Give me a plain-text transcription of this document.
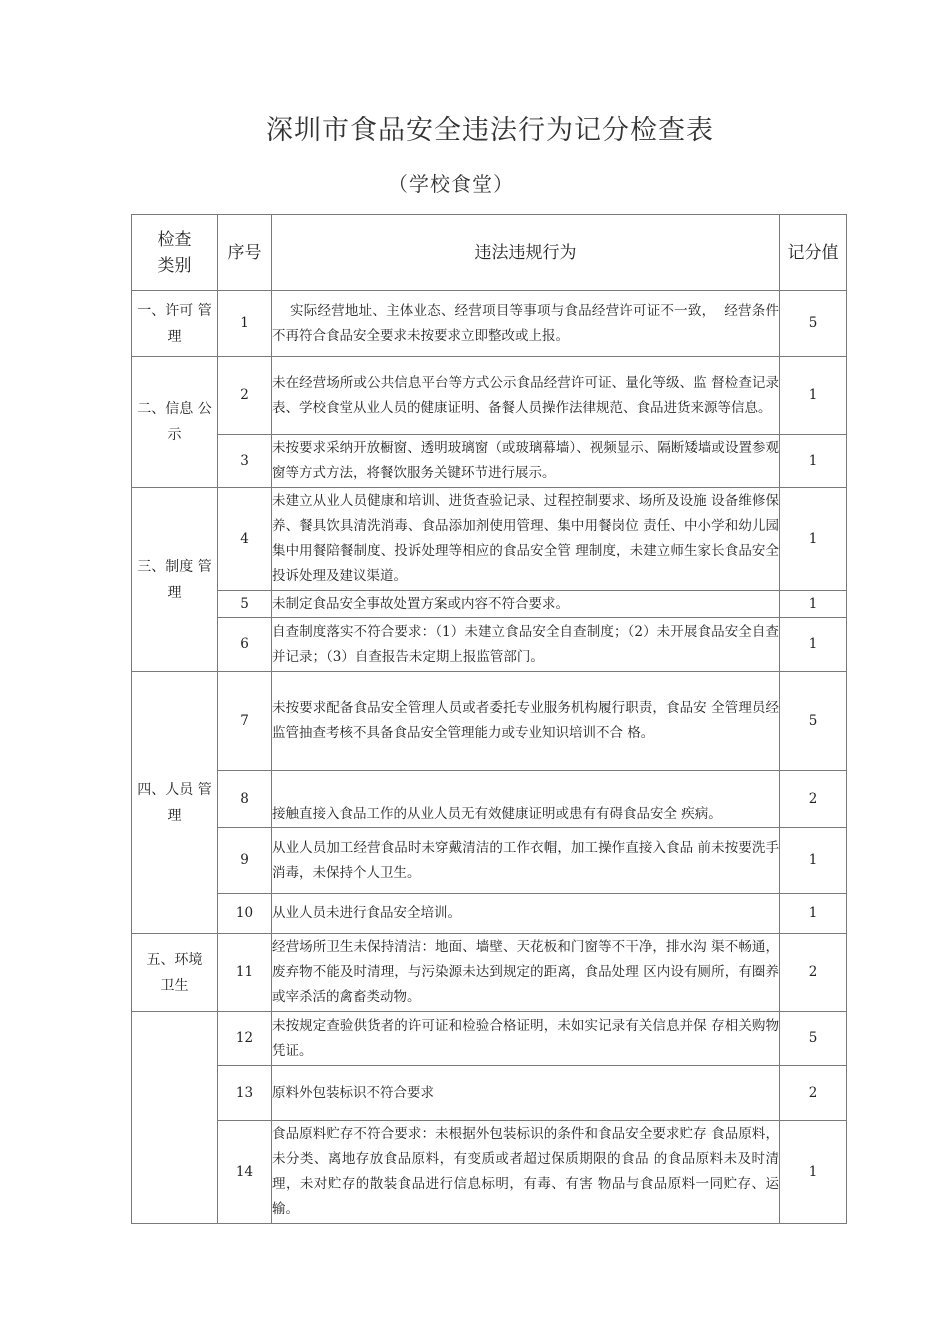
深圳市食品安全违法行为记分检查表
（学校食堂）
检查
类别	序号	违法违规行为	记分值
一、许可 管
理	1	实际经营地址、主体业态、经营项目等事项与食品经营许可证不一致，  经营条件不再符合食品安全要求未按要求立即整改或上报。	5
二、信息 公
示	2	未在经营场所或公共信息平台等方式公示食品经营许可证、量化等级、监 督检查记录表、学校食堂从业人员的健康证明、备餐人员操作法律规范、食品进货来源等信息。	1
	3	未按要求采纳开放橱窗、透明玻璃窗（或玻璃幕墙）、视频显示、隔断矮墙或设置参观窗等方式方法，将餐饮服务关键环节进行展示。	1
三、制度 管
理	4	未建立从业人员健康和培训、进货查验记录、过程控制要求、场所及设施 设备维修保养、餐具饮具清洗消毒、食品添加剂使用管理、集中用餐岗位 责任、中小学和幼儿园集中用餐陪餐制度、投诉处理等相应的食品安全管 理制度，未建立师生家长食品安全投诉处理及建议渠道。	1
	5	未制定食品安全事故处置方案或内容不符合要求。	1
	6	自查制度落实不符合要求：（1）未建立食品安全自查制度；（2）未开展食品安全自查并记录；（3）自查报告未定期上报监管部门。	1
四、人员 管
理	7	未按要求配备食品安全管理人员或者委托专业服务机构履行职责，食品安 全管理员经监管抽查考核不具备食品安全管理能力或专业知识培训不合 格。	5
	8	接触直接入食品工作的从业人员无有效健康证明或患有有碍食品安全 疾病。	2
	9	从业人员加工经营食品时未穿戴清洁的工作衣帽，加工操作直接入食品 前未按要洗手消毒，未保持个人卫生。	1
	10	从业人员未进行食品安全培训。	1
五、环境
卫生	11	经营场所卫生未保持清洁：地面、墙壁、天花板和门窗等不干净，排水沟 渠不畅通，废弃物不能及时清理，与污染源未达到规定的距离，食品处理 区内设有厕所，有圈养或宰杀活的禽畜类动物。	2
	12	未按规定查验供货者的许可证和检验合格证明，未如实记录有关信息并保 存相关购物凭证。	5
	13	原料外包装标识不符合要求	2
	14	食品原料贮存不符合要求：未根据外包装标识的条件和食品安全要求贮存 食品原料，未分类、离地存放食品原料，有变质或者超过保质期限的食品 的食品原料未及时清理，未对贮存的散装食品进行信息标明，有毒、有害 物品与食品原料一同贮存、运输。	1
